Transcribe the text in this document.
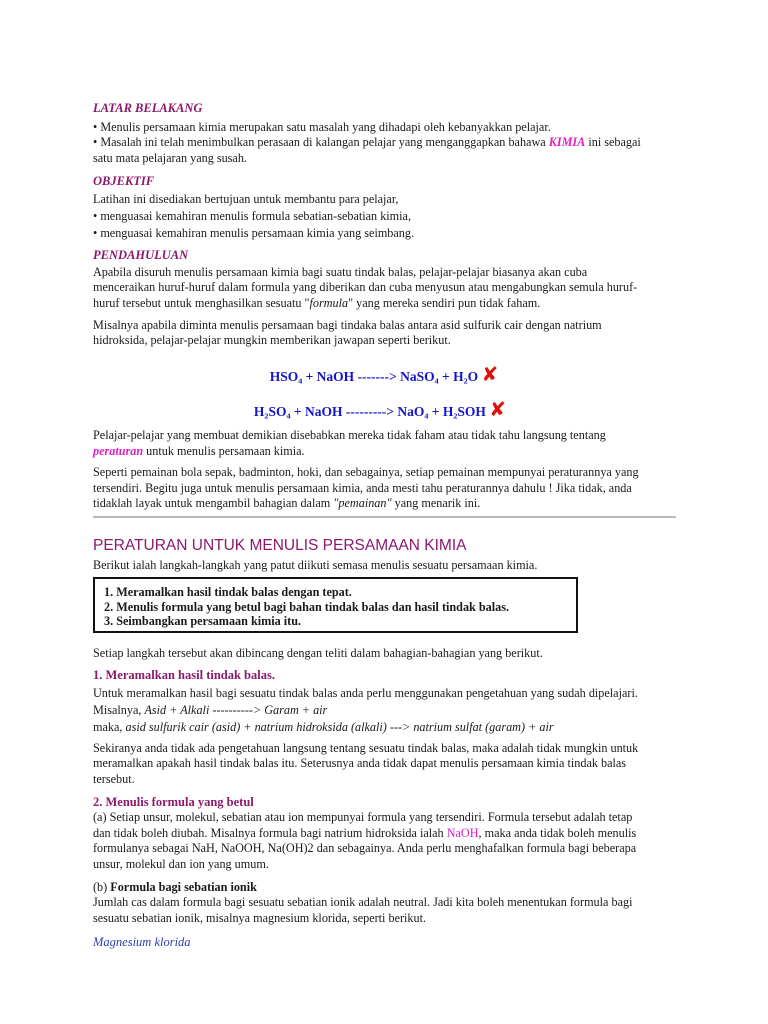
LATAR BELAKANG

• Menulis persamaan kimia merupakan satu masalah yang dihadapi oleh kebanyakkan pelajar.

• Masalah ini telah menimbulkan perasaan di kalangan pelajar yang menganggapkan bahawa KIMIA ini sebagai

satu mata pelajaran yang susah.

OBJEKTIF

Latihan ini disediakan bertujuan untuk membantu para pelajar,

• menguasai kemahiran menulis formula sebatian-sebatian kimia,

• menguasai kemahiran menulis persamaan kimia yang seimbang.

PENDAHULUAN

Apabila disuruh menulis persamaan kimia bagi suatu tindak balas, pelajar-pelajar biasanya akan cuba

menceraikan huruf-huruf dalam formula yang diberikan dan cuba menyusun atau mengabungkan semula huruf-

huruf tersebut untuk menghasilkan sesuatu "formula" yang mereka sendiri pun tidak faham.

Misalnya apabila diminta menulis persamaan bagi tindaka balas antara asid sulfurik cair dengan natrium

hidroksida, pelajar-pelajar mungkin memberikan jawapan seperti berikut.

HSO₄ + NaOH -------> NaSO₄ + H₂O ✘
H₂SO₄ + NaOH ---------> NaO₄ + H₂SOH ✘

Pelajar-pelajar yang membuat demikian disebabkan mereka tidak faham atau tidak tahu langsung tentang

peraturan untuk menulis persamaan kimia.

Seperti pemainan bola sepak, badminton, hoki, dan sebagainya, setiap pemainan mempunyai peraturannya yang

tersendiri. Begitu juga untuk menulis persamaan kimia, anda mesti tahu peraturannya dahulu ! Jika tidak, anda

tidaklah layak untuk mengambil bahagian dalam "pemainan" yang menarik ini.

PERATURAN UNTUK MENULIS PERSAMAAN KIMIA

Berikut ialah langkah-langkah yang patut diikuti semasa menulis sesuatu persamaan kimia.

1. Meramalkan hasil tindak balas dengan tepat.

2. Menulis formula yang betul bagi bahan tindak balas dan hasil tindak balas.

3. Seimbangkan persamaan kimia itu.

Setiap langkah tersebut akan dibincang dengan teliti dalam bahagian-bahagian yang berikut.

1. Meramalkan hasil tindak balas.

Untuk meramalkan hasil bagi sesuatu tindak balas anda perlu menggunakan pengetahuan yang sudah dipelajari.

Misalnya, Asid + Alkali ----------> Garam + air

maka, asid sulfurik cair (asid) + natrium hidroksida (alkali) ---> natrium sulfat (garam) + air

Sekiranya anda tidak ada pengetahuan langsung tentang sesuatu tindak balas, maka adalah tidak mungkin untuk

meramalkan apakah hasil tindak balas itu. Seterusnya anda tidak dapat menulis persamaan kimia tindak balas

tersebut.

2. Menulis formula yang betul

(a) Setiap unsur, molekul, sebatian atau ion mempunyai formula yang tersendiri. Formula tersebut adalah tetap

dan tidak boleh diubah. Misalnya formula bagi natrium hidroksida ialah NaOH, maka anda tidak boleh menulis

formulanya sebagai NaH, NaOOH, Na(OH)2 dan sebagainya. Anda perlu menghafalkan formula bagi beberapa

unsur, molekul dan ion yang umum.

(b) Formula bagi sebatian ionik

Jumlah cas dalam formula bagi sesuatu sebatian ionik adalah neutral. Jadi kita boleh menentukan formula bagi

sesuatu sebatian ionik, misalnya magnesium klorida, seperti berikut.

Magnesium klorida
